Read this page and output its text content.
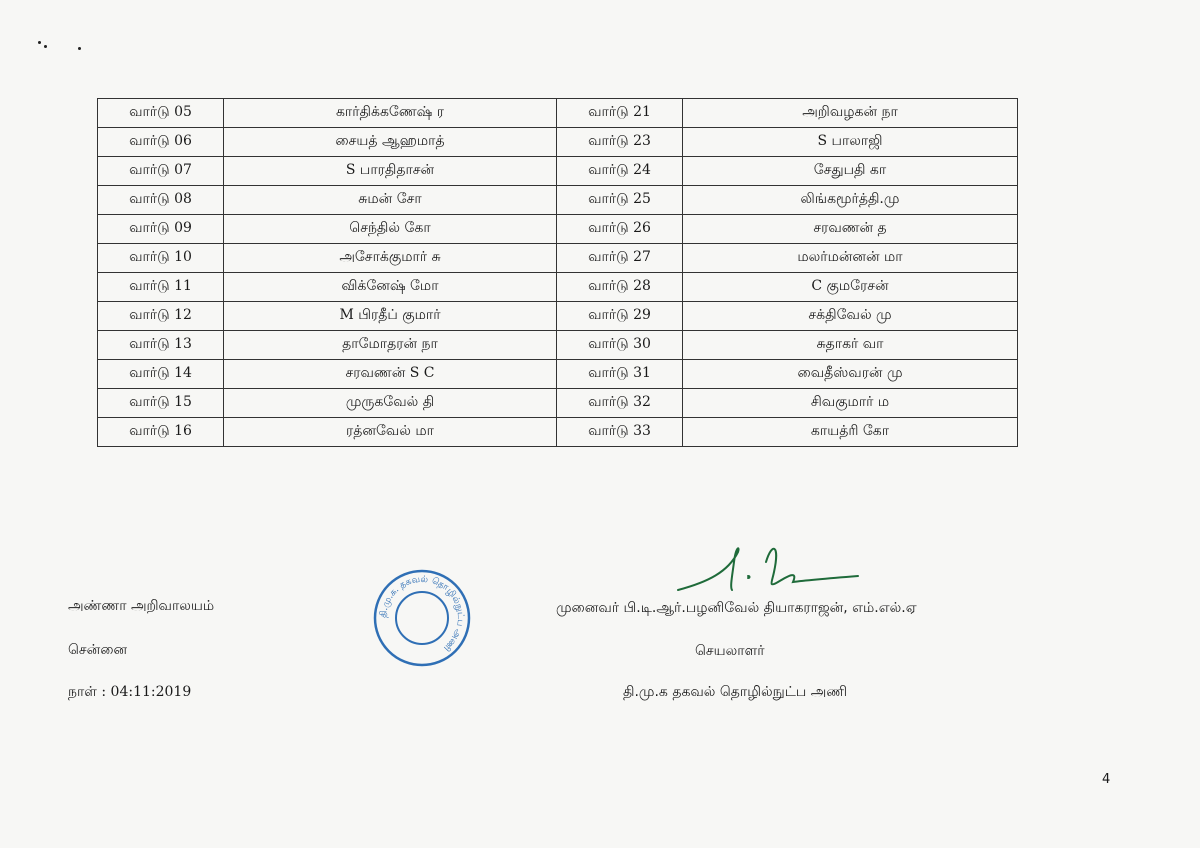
வார்டு 05	கார்திக்கணேஷ் ர	வார்டு 21	அறிவழகன் நா
வார்டு 06	சையத் ஆஹமாத்	வார்டு 23	S பாலாஜி
வார்டு 07	S பாரதிதாசன்	வார்டு 24	சேதுபதி கா
வார்டு 08	சுமன் சோ	வார்டு 25	லிங்கமூர்த்தி.மு
வார்டு 09	செந்தில் கோ	வார்டு 26	சரவணன் த
வார்டு 10	அசோக்குமார் சு	வார்டு 27	மலர்மன்னன் மா
வார்டு 11	விக்னேஷ் மோ	வார்டு 28	C குமரேசன்
வார்டு 12	M பிரதீப் குமார்	வார்டு 29	சக்திவேல் மு
வார்டு 13	தாமோதரன் நா	வார்டு 30	சுதாகர் வா
வார்டு 14	சரவணன் S C	வார்டு 31	வைதீஸ்வரன் மு
வார்டு 15	முருகவேல் தி	வார்டு 32	சிவகுமார் ம
வார்டு 16	ரத்னவேல் மா	வார்டு 33	காயத்ரி கோ
அண்ணா அறிவாலயம்
சென்னை
நாள் : 04:11:2019
தி.மு.க. தகவல் தொழில்நுட்ப அணி
முனைவர் பி.டி.ஆர்.பழனிவேல் தியாகராஜன், எம்.எல்.ஏ
செயலாளர்
தி.மு.க தகவல் தொழில்நுட்ப அணி
4
